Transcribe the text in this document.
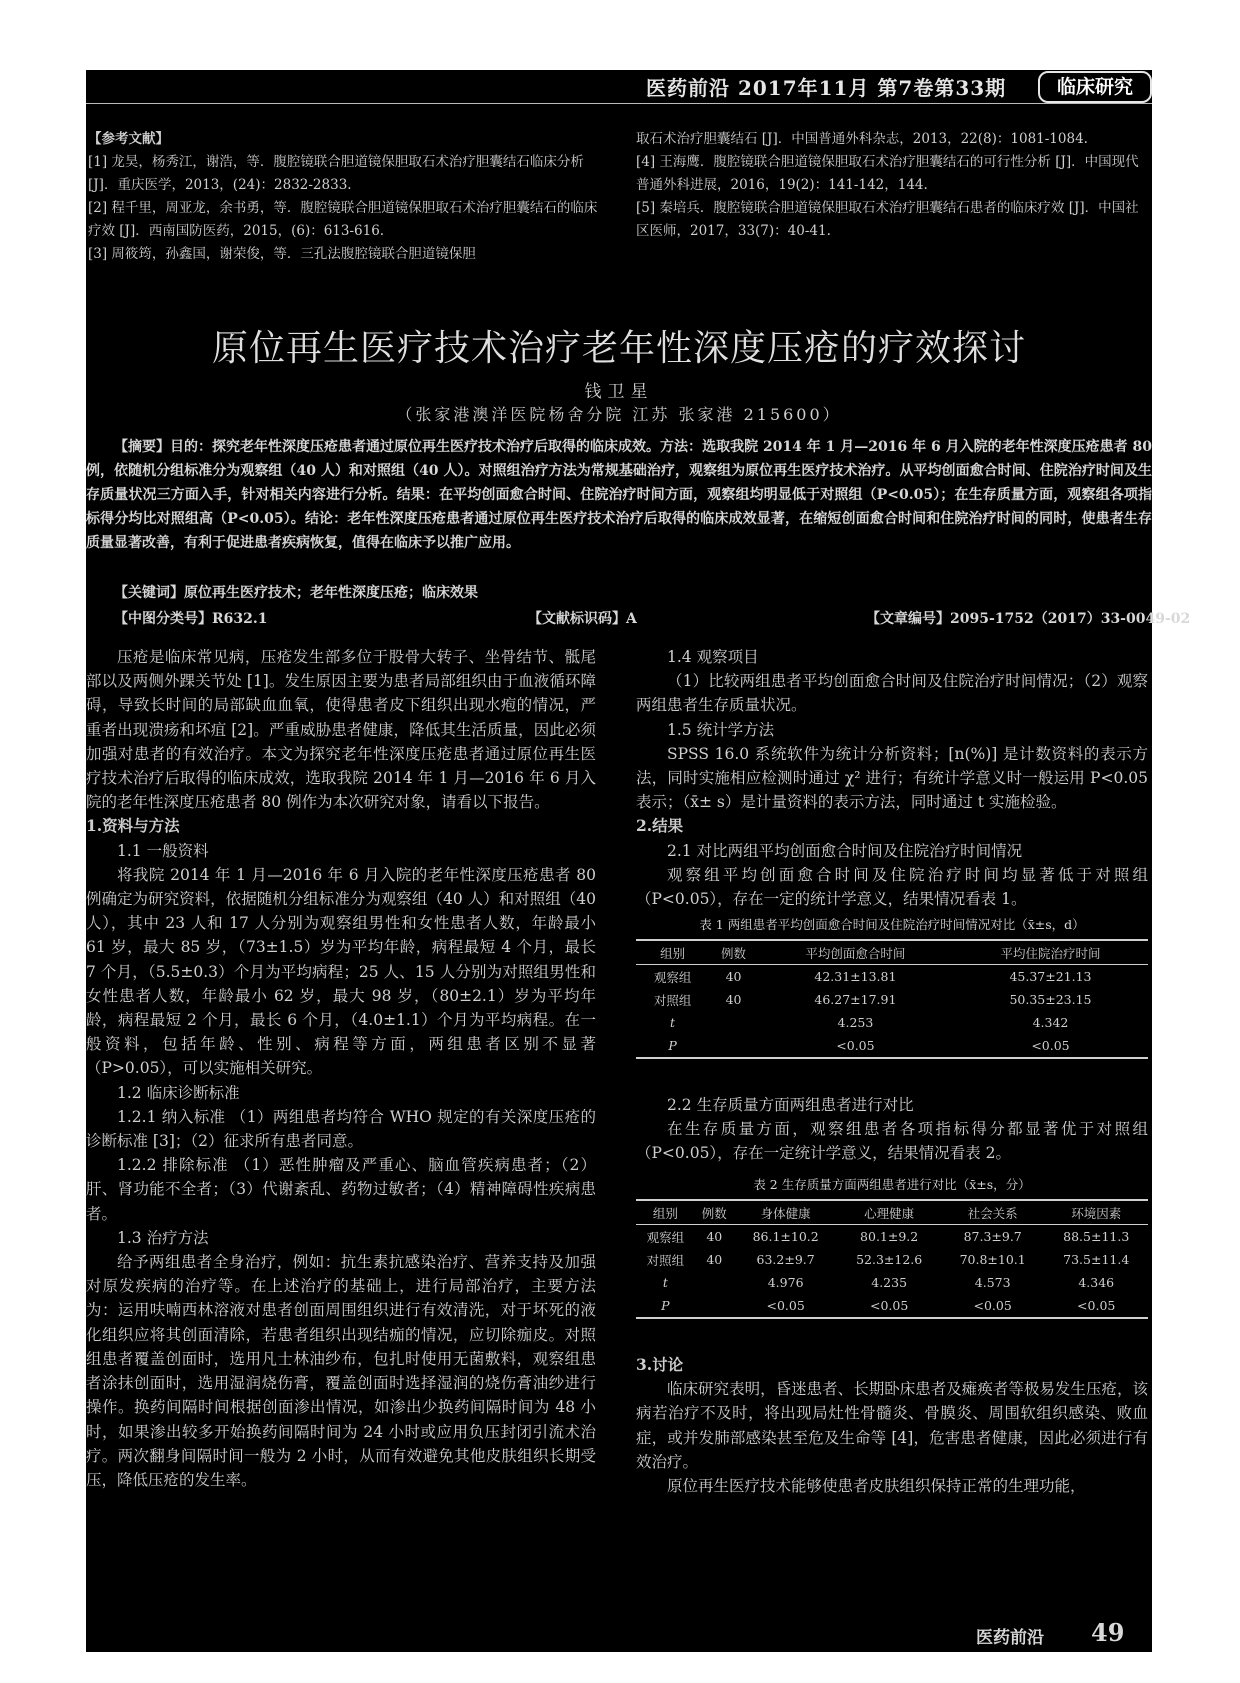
医药前沿 2017年11月 第7卷第33期	临床研究

【参考文献】

[1] 龙昊，杨秀江，谢浩，等．腹腔镜联合胆道镜保胆取石术治疗胆囊结石临床分析 [J]．重庆医学，2013，(24)：2832-2833.

[2] 程千里，周亚龙，余书勇，等．腹腔镜联合胆道镜保胆取石术治疗胆囊结石的临床疗效 [J]．西南国防医药，2015，(6)：613-616.

[3] 周筱筠，孙鑫国，谢荣俊，等．三孔法腹腔镜联合胆道镜保胆

取石术治疗胆囊结石 [J]．中国普通外科杂志，2013，22(8)：1081-1084.

[4] 王海鹰．腹腔镜联合胆道镜保胆取石术治疗胆囊结石的可行性分析 [J]．中国现代普通外科进展，2016，19(2)：141-142，144.

[5] 秦培兵．腹腔镜联合胆道镜保胆取石术治疗胆囊结石患者的临床疗效 [J]．中国社区医师，2017，33(7)：40-41.

原位再生医疗技术治疗老年性深度压疮的疗效探讨
钱卫星
（张家港澳洋医院杨舍分院 江苏 张家港 215600）

【摘要】目的：探究老年性深度压疮患者通过原位再生医疗技术治疗后取得的临床成效。方法：选取我院 2014 年 1 月—2016 年 6 月入院的老年性深度压疮患者 80 例，依随机分组标准分为观察组（40 人）和对照组（40 人）。对照组治疗方法为常规基础治疗，观察组为原位再生医疗技术治疗。从平均创面愈合时间、住院治疗时间及生存质量状况三方面入手，针对相关内容进行分析。结果：在平均创面愈合时间、住院治疗时间方面，观察组均明显低于对照组（P<0.05）；在生存质量方面，观察组各项指标得分均比对照组高（P<0.05）。结论：老年性深度压疮患者通过原位再生医疗技术治疗后取得的临床成效显著，在缩短创面愈合时间和住院治疗时间的同时，使患者生存质量显著改善，有利于促进患者疾病恢复，值得在临床予以推广应用。

【关键词】原位再生医疗技术；老年性深度压疮；临床效果
【中图分类号】R632.1	【文献标识码】A	【文章编号】2095-1752（2017）33-0049-02

压疮是临床常见病，压疮发生部多位于股骨大转子、坐骨结节、骶尾部以及两侧外踝关节处 [1]。发生原因主要为患者局部组织由于血液循环障碍，导致长时间的局部缺血血氧，使得患者皮下组织出现水疱的情况，严重者出现溃疡和坏疽 [2]。严重威胁患者健康，降低其生活质量，因此必须加强对患者的有效治疗。本文为探究老年性深度压疮患者通过原位再生医疗技术治疗后取得的临床成效，选取我院 2014 年 1 月—2016 年 6 月入院的老年性深度压疮患者 80 例作为本次研究对象，请看以下报告。

1.资料与方法

1.1 一般资料

将我院 2014 年 1 月—2016 年 6 月入院的老年性深度压疮患者 80 例确定为研究资料，依据随机分组标准分为观察组（40 人）和对照组（40 人），其中 23 人和 17 人分别为观察组男性和女性患者人数，年龄最小 61 岁，最大 85 岁，（73±1.5）岁为平均年龄，病程最短 4 个月，最长 7 个月，（5.5±0.3）个月为平均病程；25 人、15 人分别为对照组男性和女性患者人数，年龄最小 62 岁，最大 98 岁，（80±2.1）岁为平均年龄，病程最短 2 个月，最长 6 个月，（4.0±1.1）个月为平均病程。在一般资料，包括年龄、性别、病程等方面，两组患者区别不显著（P>0.05），可以实施相关研究。

1.2 临床诊断标准

1.2.1 纳入标准 （1）两组患者均符合 WHO 规定的有关深度压疮的诊断标准 [3]；（2）征求所有患者同意。

1.2.2 排除标准 （1）恶性肿瘤及严重心、脑血管疾病患者；（2）肝、肾功能不全者；（3）代谢紊乱、药物过敏者；（4）精神障碍性疾病患者。

1.3 治疗方法

给予两组患者全身治疗，例如：抗生素抗感染治疗、营养支持及加强对原发疾病的治疗等。在上述治疗的基础上，进行局部治疗，主要方法为：运用呋喃西林溶液对患者创面周围组织进行有效清洗，对于坏死的液化组织应将其创面清除，若患者组织出现结痂的情况，应切除痂皮。对照组患者覆盖创面时，选用凡士林油纱布，包扎时使用无菌敷料，观察组患者涂抹创面时，选用湿润烧伤膏，覆盖创面时选择湿润的烧伤膏油纱进行操作。换药间隔时间根据创面渗出情况，如渗出少换药间隔时间为 48 小时，如果渗出较多开始换药间隔时间为 24 小时或应用负压封闭引流术治疗。两次翻身间隔时间一般为 2 小时，从而有效避免其他皮肤组织长期受压，降低压疮的发生率。

1.4 观察项目

（1）比较两组患者平均创面愈合时间及住院治疗时间情况；（2）观察两组患者生存质量状况。

1.5 统计学方法

SPSS 16.0 系统软件为统计分析资料；[n(%)] 是计数资料的表示方法，同时实施相应检测时通过 χ² 进行；有统计学意义时一般运用 P<0.05 表示；（x̄± s）是计量资料的表示方法，同时通过 t 实施检验。

2.结果

2.1 对比两组平均创面愈合时间及住院治疗时间情况

观察组平均创面愈合时间及住院治疗时间均显著低于对照组（P<0.05），存在一定的统计学意义，结果情况看表 1。

表 1 两组患者平均创面愈合时间及住院治疗时间情况对比（x̄±s，d）

组别	例数	平均创面愈合时间	平均住院治疗时间
观察组	40	42.31±13.81	45.37±21.13
对照组	40	46.27±17.91	50.35±23.15
t		4.253	4.342
P		<0.05	<0.05

2.2 生存质量方面两组患者进行对比

在生存质量方面，观察组患者各项指标得分都显著优于对照组（P<0.05），存在一定统计学意义，结果情况看表 2。

表 2 生存质量方面两组患者进行对比（x̄±s，分）

组别	例数	身体健康	心理健康	社会关系	环境因素
观察组	40	86.1±10.2	80.1±9.2	87.3±9.7	88.5±11.3
对照组	40	63.2±9.7	52.3±12.6	70.8±10.1	73.5±11.4
t		4.976	4.235	4.573	4.346
P		<0.05	<0.05	<0.05	<0.05

3.讨论

临床研究表明，昏迷患者、长期卧床患者及瘫痪者等极易发生压疮，该病若治疗不及时，将出现局灶性骨髓炎、骨膜炎、周围软组织感染、败血症，或并发肺部感染甚至危及生命等 [4]，危害患者健康，因此必须进行有效治疗。

原位再生医疗技术能够使患者皮肤组织保持正常的生理功能，

医药前沿 49
